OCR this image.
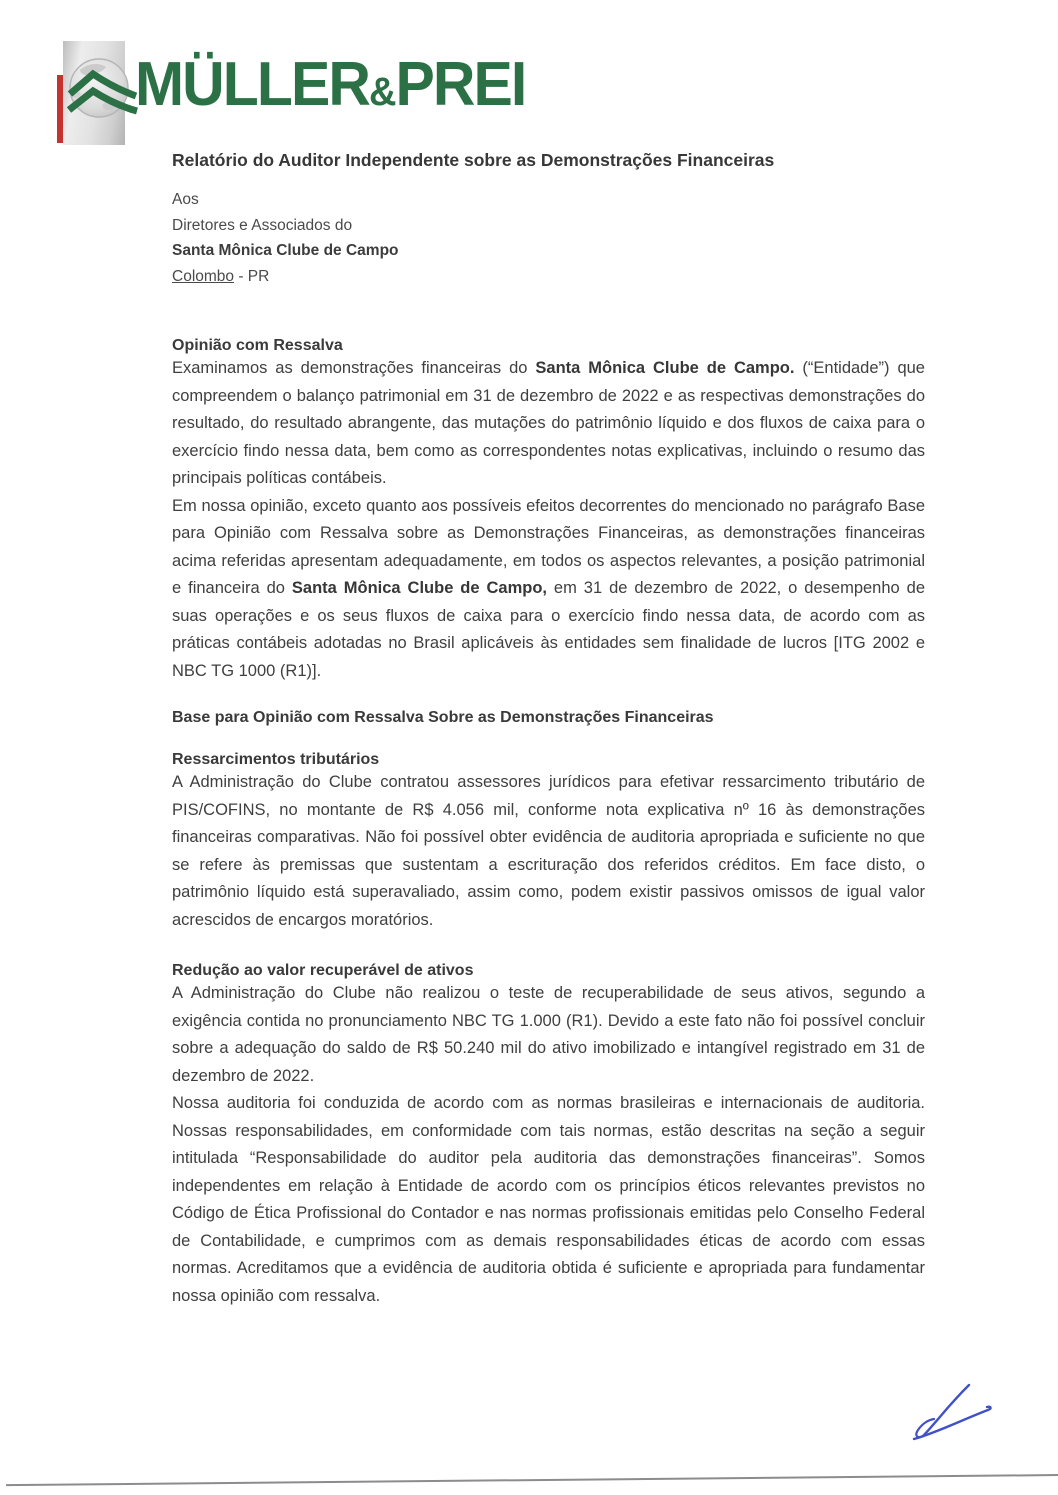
MÜLLER&PREI
Relatório do Auditor Independente sobre as Demonstrações Financeiras
Aos
Diretores e Associados do
Santa Mônica Clube de Campo
Colombo - PR
Opinião com Ressalva

Examinamos as demonstrações financeiras do Santa Mônica Clube de Campo. (“Entidade”) que compreendem o balanço patrimonial em 31 de dezembro de 2022 e as respectivas demonstrações do resultado, do resultado abrangente, das mutações do patrimônio líquido e dos fluxos de caixa para o exercício findo nessa data, bem como as correspondentes notas explicativas, incluindo o resumo das principais políticas contábeis.

Em nossa opinião, exceto quanto aos possíveis efeitos decorrentes do mencionado no parágrafo Base para Opinião com Ressalva sobre as Demonstrações Financeiras, as demonstrações financeiras acima referidas apresentam adequadamente, em todos os aspectos relevantes, a posição patrimonial e financeira do Santa Mônica Clube de Campo, em 31 de dezembro de 2022, o desempenho de suas operações e os seus fluxos de caixa para o exercício findo nessa data, de acordo com as práticas contábeis adotadas no Brasil aplicáveis às entidades sem finalidade de lucros [ITG 2002 e NBC TG 1000 (R1)].

Base para Opinião com Ressalva Sobre as Demonstrações Financeiras
Ressarcimentos tributários

A Administração do Clube contratou assessores jurídicos para efetivar ressarcimento tributário de PIS/COFINS, no montante de R$ 4.056 mil, conforme nota explicativa nº 16 às demonstrações financeiras comparativas. Não foi possível obter evidência de auditoria apropriada e suficiente no que se refere às premissas que sustentam a escrituração dos referidos créditos. Em face disto, o patrimônio líquido está superavaliado, assim como, podem existir passivos omissos de igual valor acrescidos de encargos moratórios.

Redução ao valor recuperável de ativos

A Administração do Clube não realizou o teste de recuperabilidade de seus ativos, segundo a exigência contida no pronunciamento NBC TG 1.000 (R1). Devido a este fato não foi possível concluir sobre a adequação do saldo de R$ 50.240 mil do ativo imobilizado e intangível registrado em 31 de dezembro de 2022.

Nossa auditoria foi conduzida de acordo com as normas brasileiras e internacionais de auditoria. Nossas responsabilidades, em conformidade com tais normas, estão descritas na seção a seguir intitulada “Responsabilidade do auditor pela auditoria das demonstrações financeiras”. Somos independentes em relação à Entidade de acordo com os princípios éticos relevantes previstos no Código de Ética Profissional do Contador e nas normas profissionais emitidas pelo Conselho Federal de Contabilidade, e cumprimos com as demais responsabilidades éticas de acordo com essas normas. Acreditamos que a evidência de auditoria obtida é suficiente e apropriada para fundamentar nossa opinião com ressalva.
